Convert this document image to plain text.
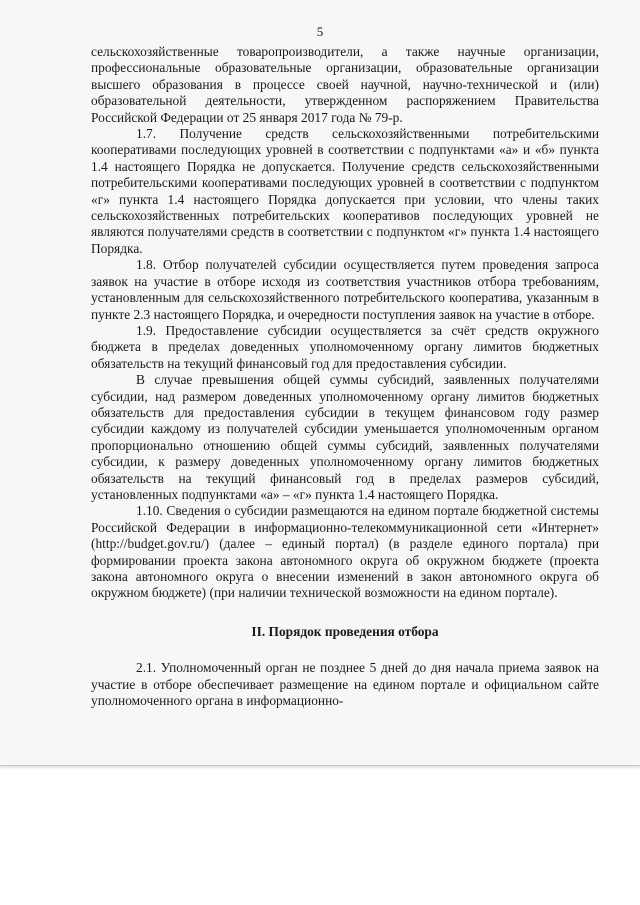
5

сельскохозяйственные товаропроизводители, а также научные организации, профессиональные образовательные организации, образовательные организации высшего образования в процессе своей научной, научно-технической и (или) образовательной деятельности, утвержденном распоряжением Правительства Российской Федерации от 25 января 2017 года № 79-р.

1.7. Получение средств сельскохозяйственными потребительскими кооперативами последующих уровней в соответствии с подпунктами «а» и «б» пункта 1.4 настоящего Порядка не допускается. Получение средств сельскохозяйственными потребительскими кооперативами последующих уровней в соответствии с подпунктом «г» пункта 1.4 настоящего Порядка допускается при условии, что члены таких сельскохозяйственных потребительских кооперативов последующих уровней не являются получателями средств в соответствии с подпунктом «г» пункта 1.4 настоящего Порядка.

1.8. Отбор получателей субсидии осуществляется путем проведения запроса заявок на участие в отборе исходя из соответствия участников отбора требованиям, установленным для сельскохозяйственного потребительского кооператива, указанным в пункте 2.3 настоящего Порядка, и очередности поступления заявок на участие в отборе.

1.9. Предоставление субсидии осуществляется за счёт средств окружного бюджета в пределах доведенных уполномоченному органу лимитов бюджетных обязательств на текущий финансовый год для предоставления субсидии.

В случае превышения общей суммы субсидий, заявленных получателями субсидии, над размером доведенных уполномоченному органу лимитов бюджетных обязательств для предоставления субсидии в текущем финансовом году размер субсидии каждому из получателей субсидии уменьшается уполномоченным органом пропорционально отношению общей суммы субсидий, заявленных получателями субсидии, к размеру доведенных уполномоченному органу лимитов бюджетных обязательств на текущий финансовый год в пределах размеров субсидий, установленных подпунктами «а» – «г» пункта 1.4 настоящего Порядка.

1.10. Сведения о субсидии размещаются на едином портале бюджетной системы Российской Федерации в информационно-телекоммуникационной сети «Интернет» (http://budget.gov.ru/) (далее – единый портал) (в разделе единого портала) при формировании проекта закона автономного округа об окружном бюджете (проекта закона автономного округа о внесении изменений в закон автономного округа об окружном бюджете) (при наличии технической возможности на едином портале).

II. Порядок проведения отбора

2.1. Уполномоченный орган не позднее 5 дней до дня начала приема заявок на участие в отборе обеспечивает размещение на едином портале и официальном сайте уполномоченного органа в информационно-
